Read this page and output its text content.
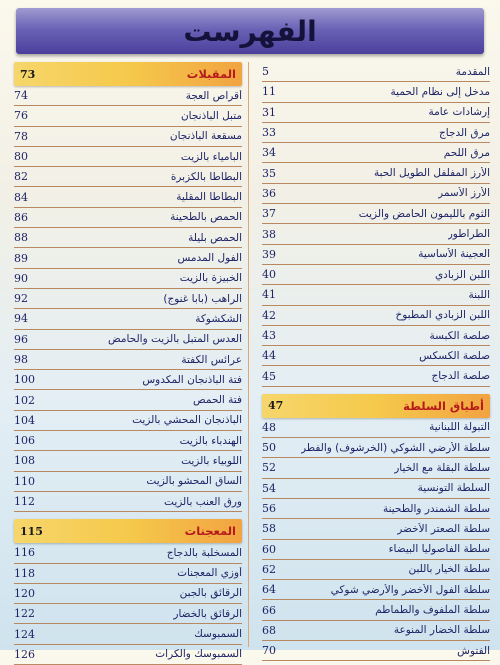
الفهرست
المقدمة
5
مدخل إلى نظام الحمية
11
إرشادات عامة
31
مرق الدجاج
33
مرق اللحم
34
الأرز المفلفل الطويل الحبة
35
الأرز الأسمر
36
الثوم بالليمون الحامض والزيت
37
الطراطور
38
العجينة الأساسية
39
اللبن الزبادي
40
اللبنة
41
اللبن الزبادي المطبوخ
42
صلصة الكبسة
43
صلصة الكسكس
44
صلصة الدجاج
45
أطباق السلطة
47
التبولة اللبنانية
48
سلطة الأرضي الشوكي (الخرشوف) والفطر
50
سلطة البقلة مع الخيار
52
السلطة التونسية
54
سلطة الشمندر والطحينة
56
سلطة الصعتر الأخضر
58
سلطة الفاصوليا البيضاء
60
سلطة الخيار باللبن
62
سلطة الفول الأخضر والأرضي شوكي
64
سلطة الملفوف والطماطم
66
سلطة الخضار المنوعة
68
الفتوش
70
المقبلات
73
أقراص العجة
74
متبل الباذنجان
76
مسقعة الباذنجان
78
البامياء بالزيت
80
البطاطا بالكزبرة
82
البطاطا المقلية
84
الحمص بالطحينة
86
الحمص بليلة
88
الفول المدمس
89
الخبيزة بالزيت
90
الراهب (بابا غنوج)
92
الشكشوكة
94
العدس المتبل بالزيت والحامض
96
عرائس الكفتة
98
فتة الباذنجان المكدوس
100
فتة الحمص
102
الباذنجان المحشي بالزيت
104
الهندباء بالزيت
106
اللوبياء بالزيت
108
الساق المحشو بالزيت
110
ورق العنب بالزيت
112
المعجنات
115
المسخلبة بالدجاج
116
أوزي المعجنات
118
الرقائق بالجبن
120
الرقائق بالخضار
122
السمبوسك
124
السمبوسك والكرات
126
